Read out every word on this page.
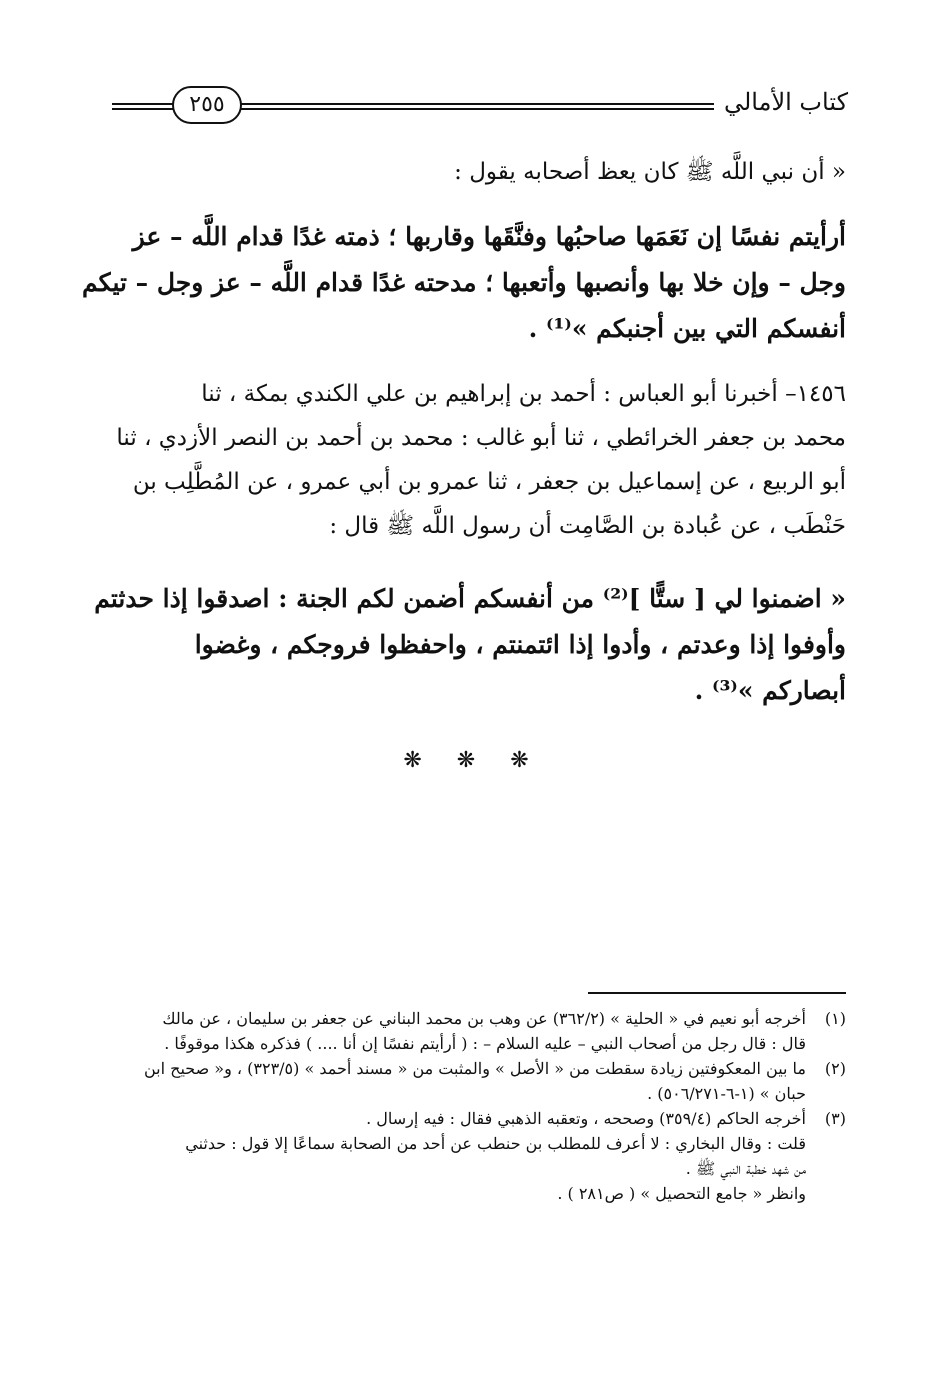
كتاب الأمالي
٢٥٥
« أن نبي اللَّه ﷺ كان يعظ أصحابه يقول :
أرأيتم نفسًا إن نَعَمَها صاحبُها وفنَّقَها وقاربها ؛ ذمته غدًا قدام اللَّه – عز
وجل – وإن خلا بها وأنصبها وأتعبها ؛ مدحته غدًا قدام اللَّه – عز وجل – تيكم
أنفسكم التي بين أجنبكم »⁽¹⁾ .
١٤٥٦– أخبرنا أبو العباس : أحمد بن إبراهيم بن علي الكندي بمكة ، ثنا
محمد بن جعفر الخرائطي ، ثنا أبو غالب : محمد بن أحمد بن النصر الأزدي ، ثنا
أبو الربيع ، عن إسماعيل بن جعفر ، ثنا عمرو بن أبي عمرو ، عن المُطَّلِب بن
حَنْطَب ، عن عُبادة بن الصَّامِت أن رسول اللَّه ﷺ قال :
« اضمنوا لي [ ستًّا ]⁽²⁾ من أنفسكم أضمن لكم الجنة : اصدقوا إذا حدثتم
وأوفوا إذا وعدتم ، وأدوا إذا ائتمنتم ، واحفظوا فروجكم ، وغضوا
أبصاركم »⁽³⁾ .
❋ ❋ ❋
(١)
أخرجه أبو نعيم في « الحلية » (٣٦٢/٢) عن وهب بن محمد البناني عن جعفر بن سليمان ، عن مالك
قال : قال رجل من أصحاب النبي – عليه السلام – : ( أرأيتم نفسًا إن أنا .... ) فذكره هكذا موقوفًا .
(٢)
ما بين المعكوفتين زيادة سقطت من « الأصل » والمثبت من « مسند أحمد » (٣٢٣/٥) ، و« صحيح ابن
حبان » (١-٦-٥٠٦/٢٧١) .
(٣)
أخرجه الحاكم (٣٥٩/٤) وصححه ، وتعقبه الذهبي فقال : فيه إرسال .
قلت : وقال البخاري : لا أعرف للمطلب بن حنطب عن أحد من الصحابة سماعًا إلا قول : حدثني
من شهد خطبة النبي ﷺ .
وانظر « جامع التحصيل » ( ص٢٨١ ) .
